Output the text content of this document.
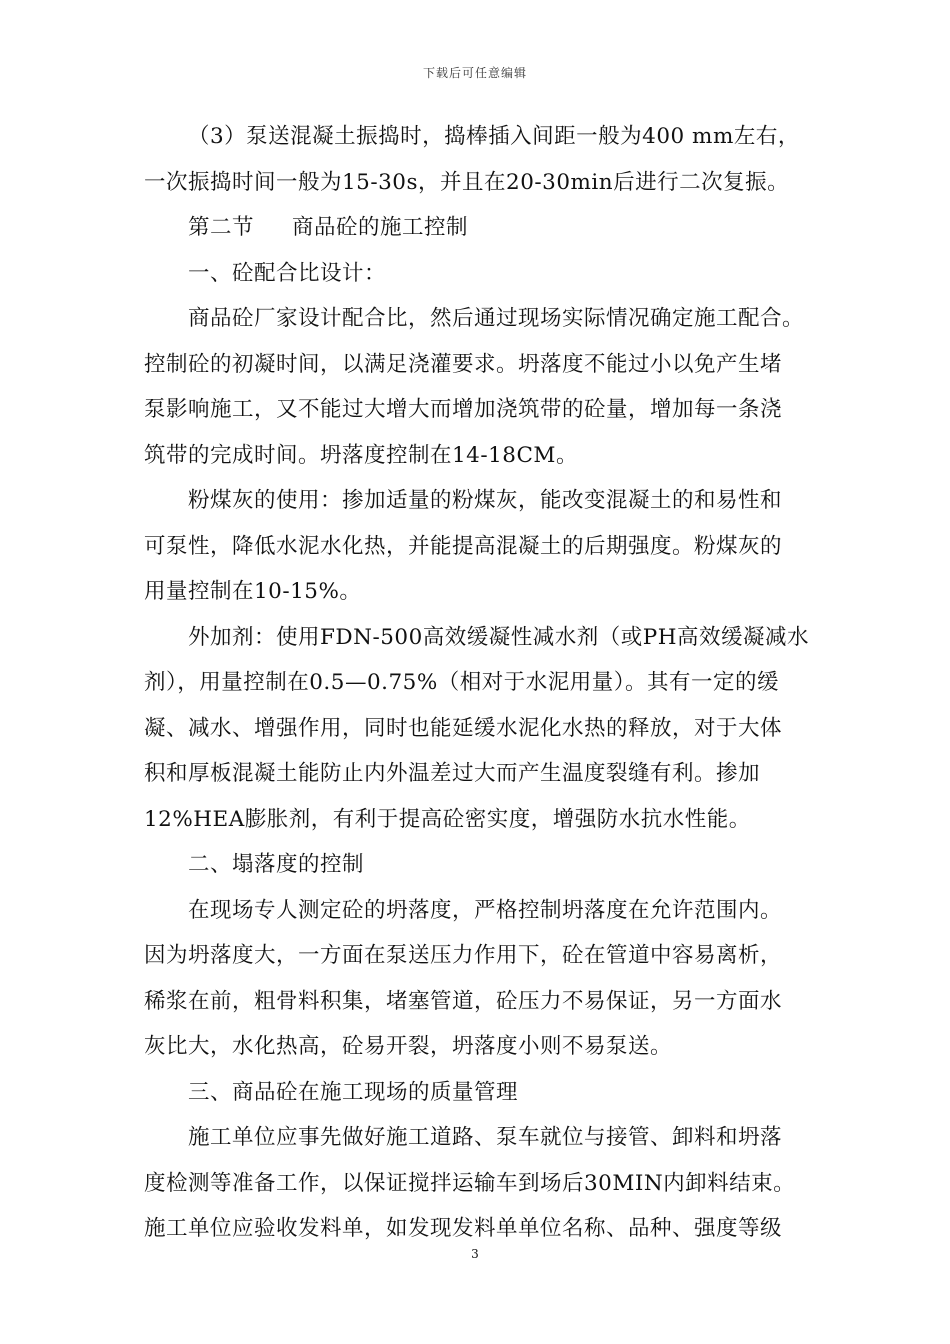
下载后可任意编辑

（3）泵送混凝土振捣时，捣棒插入间距一般为400 mm左右，

一次振捣时间一般为15-30s，并且在20-30min后进行二次复振。

第二节 商品砼的施工控制

一、砼配合比设计：

商品砼厂家设计配合比，然后通过现场实际情况确定施工配合。

控制砼的初凝时间，以满足浇灌要求。坍落度不能过小以免产生堵

泵影响施工，又不能过大增大而增加浇筑带的砼量，增加每一条浇

筑带的完成时间。坍落度控制在14-18CM。

粉煤灰的使用：掺加适量的粉煤灰，能改变混凝土的和易性和

可泵性，降低水泥水化热，并能提高混凝土的后期强度。粉煤灰的

用量控制在10-15%。

外加剂：使用FDN-500高效缓凝性减水剂（或PH高效缓凝减水

剂），用量控制在0.5—0.75%（相对于水泥用量）。其有一定的缓

凝、减水、增强作用，同时也能延缓水泥化水热的释放，对于大体

积和厚板混凝土能防止内外温差过大而产生温度裂缝有利。掺加

12%HEA膨胀剂，有利于提高砼密实度，增强防水抗水性能。

二、塌落度的控制

在现场专人测定砼的坍落度，严格控制坍落度在允许范围内。

因为坍落度大，一方面在泵送压力作用下，砼在管道中容易离析，

稀浆在前，粗骨料积集，堵塞管道，砼压力不易保证，另一方面水

灰比大，水化热高，砼易开裂，坍落度小则不易泵送。

三、商品砼在施工现场的质量管理

施工单位应事先做好施工道路、泵车就位与接管、卸料和坍落

度检测等准备工作，以保证搅拌运输车到场后30MIN内卸料结束。

施工单位应验收发料单，如发现发料单单位名称、品种、强度等级

3
